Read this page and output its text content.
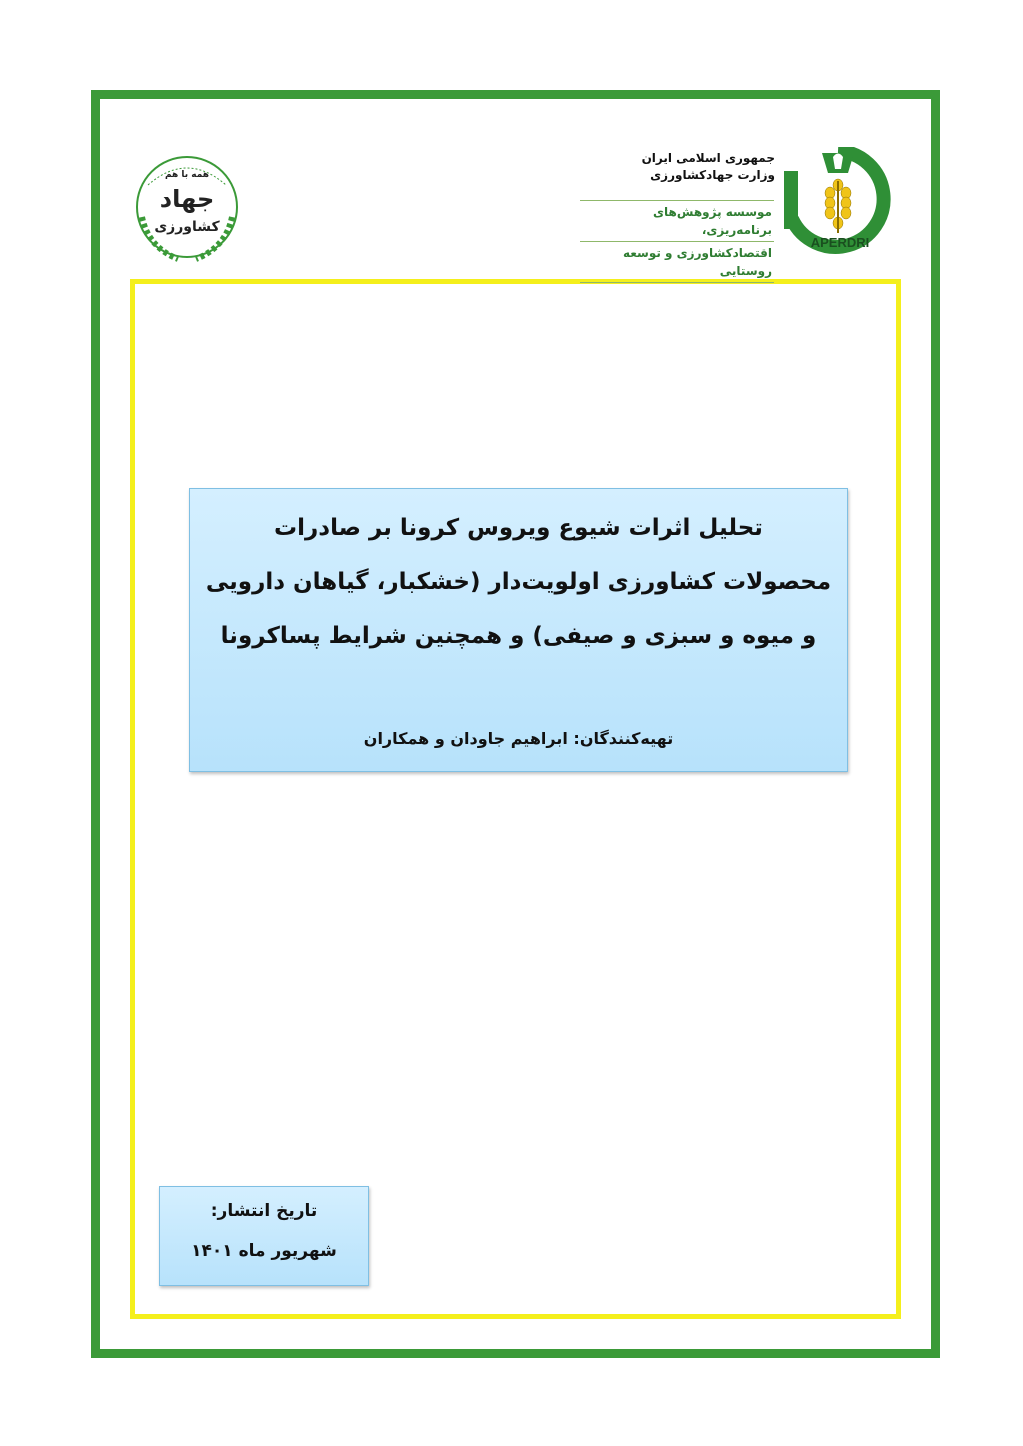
همه با هم
جهاد
کشاورزی
جمهوری اسلامی ایران
وزارت جهادکشاورزی
موسسه پژوهش‌های برنامه‌ریزی،
اقتصادکشاورزی و توسعه روستایی
APERDRI
تحلیل اثرات شیوع ویروس کرونا بر صادرات
محصولات کشاورزی اولویت‌دار (خشکبار، گیاهان دارویی
و میوه و سبزی و صیفی) و همچنین شرایط پساکرونا
تهیه‌کنندگان: ابراهیم جاودان و همکاران
تاریخ انتشار:
شهریور ماه ۱۴۰۱
